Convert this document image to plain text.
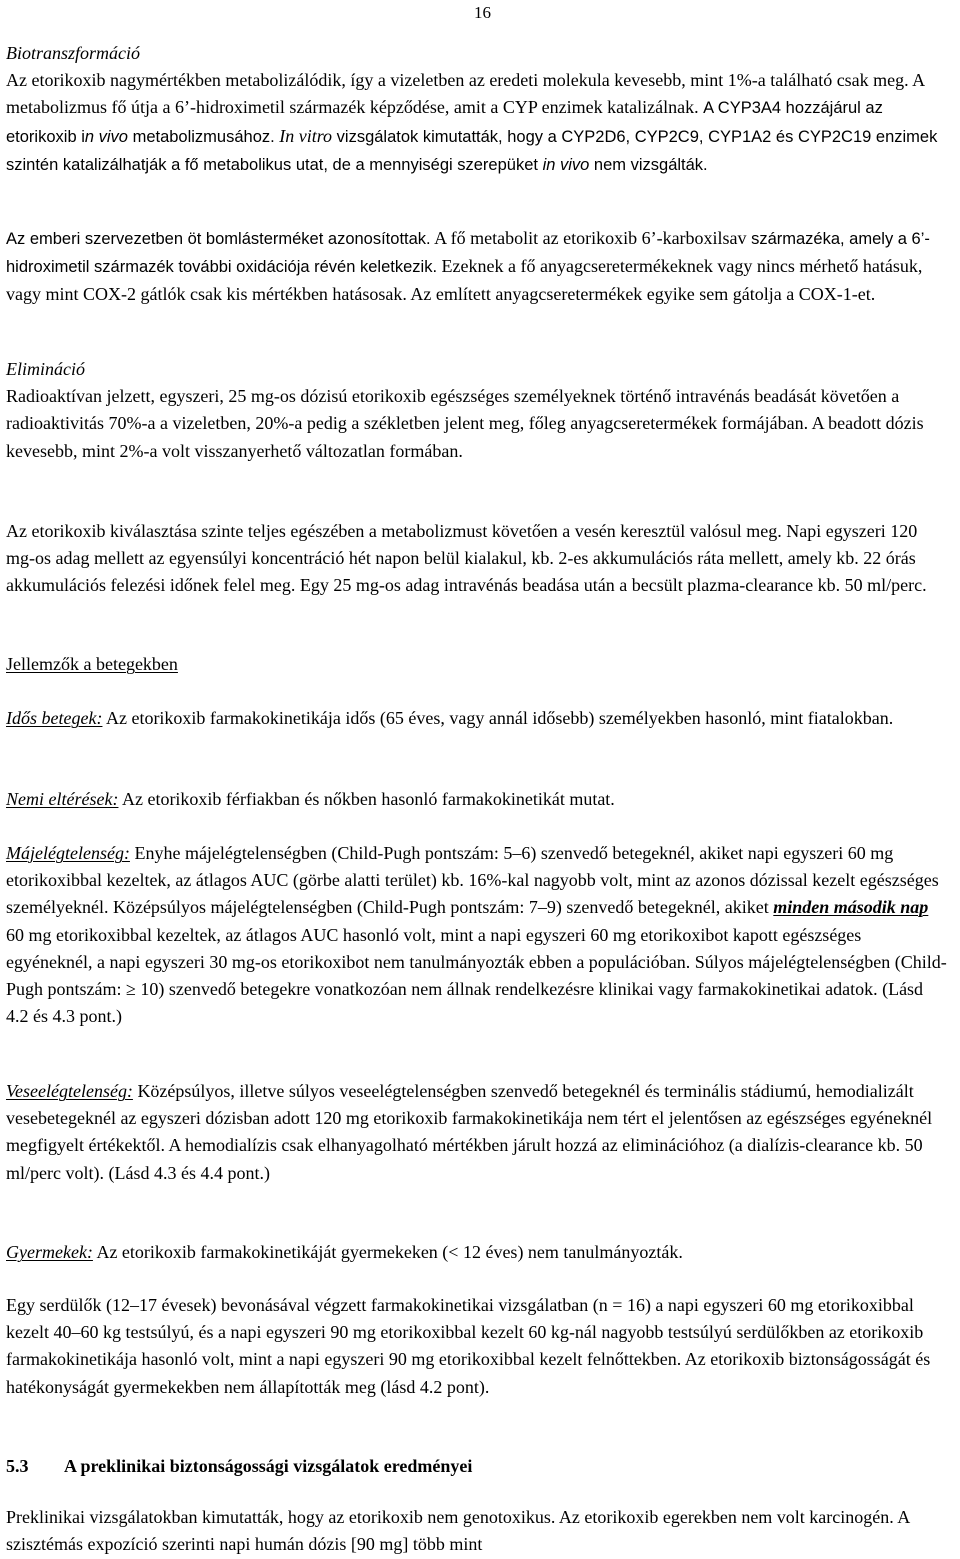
16

Biotranszformáció

Az etorikoxib nagymértékben metabolizálódik, így a vizeletben az eredeti molekula kevesebb, mint 1%-a található csak meg. A metabolizmus fő útja a 6’-hidroximetil származék képződése, amit a CYP enzimek katalizálnak. A CYP3A4 hozzájárul az etorikoxib in vivo metabolizmusához. In vitro vizsgálatok kimutatták, hogy a CYP2D6, CYP2C9, CYP1A2 és CYP2C19 enzimek szintén katalizálhatják a fő metabolikus utat, de a mennyiségi szerepüket in vivo nem vizsgálták.

Az emberi szervezetben öt bomlásterméket azonosítottak. A fő metabolit az etorikoxib 6’-karboxilsav származéka, amely a 6’-hidroximetil származék további oxidációja révén keletkezik. Ezeknek a fő anyagcseretermékeknek vagy nincs mérhető hatásuk, vagy mint COX-2 gátlók csak kis mértékben hatásosak. Az említett anyagcseretermékek egyike sem gátolja a COX-1-et.

Elimináció

Radioaktívan jelzett, egyszeri, 25 mg-os dózisú etorikoxib egészséges személyeknek történő intravénás beadását követően a radioaktivitás 70%-a a vizeletben, 20%-a pedig a székletben jelent meg, főleg anyagcseretermékek formájában. A beadott dózis kevesebb, mint 2%-a volt visszanyerhető változatlan formában.

Az etorikoxib kiválasztása szinte teljes egészében a metabolizmust követően a vesén keresztül valósul meg. Napi egyszeri 120 mg-os adag mellett az egyensúlyi koncentráció hét napon belül kialakul, kb. 2-es akkumulációs ráta mellett, amely kb. 22 órás akkumulációs felezési időnek felel meg. Egy 25 mg-os adag intravénás beadása után a becsült plazma-clearance kb. 50 ml/perc.

Jellemzők a betegekben

Idős betegek: Az etorikoxib farmakokinetikája idős (65 éves, vagy annál idősebb) személyekben hasonló, mint fiatalokban.

Nemi eltérések: Az etorikoxib férfiakban és nőkben hasonló farmakokinetikát mutat.

Májelégtelenség: Enyhe májelégtelenségben (Child-Pugh pontszám: 5–6) szenvedő betegeknél, akiket napi egyszeri 60 mg etorikoxibbal kezeltek, az átlagos AUC (görbe alatti terület) kb. 16%-kal nagyobb volt, mint az azonos dózissal kezelt egészséges személyeknél. Középsúlyos májelégtelenségben (Child-Pugh pontszám: 7–9) szenvedő betegeknél, akiket minden második nap 60 mg etorikoxibbal kezeltek, az átlagos AUC hasonló volt, mint a napi egyszeri 60 mg etorikoxibot kapott egészséges egyéneknél, a napi egyszeri 30 mg-os etorikoxibot nem tanulmányozták ebben a populációban. Súlyos májelégtelenségben (Child-Pugh pontszám: ≥ 10) szenvedő betegekre vonatkozóan nem állnak rendelkezésre klinikai vagy farmakokinetikai adatok. (Lásd 4.2 és 4.3 pont.)

Veseelégtelenség: Középsúlyos, illetve súlyos veseelégtelenségben szenvedő betegeknél és terminális stádiumú, hemodializált vesebetegeknél az egyszeri dózisban adott 120 mg etorikoxib farmakokinetikája nem tért el jelentősen az egészséges egyéneknél megfigyelt értékektől. A hemodialízis csak elhanyagolható mértékben járult hozzá az eliminációhoz (a dialízis-clearance kb. 50 ml/perc volt). (Lásd 4.3 és 4.4 pont.)

Gyermekek: Az etorikoxib farmakokinetikáját gyermekeken (< 12 éves) nem tanulmányozták.

Egy serdülők (12–17 évesek) bevonásával végzett farmakokinetikai vizsgálatban (n = 16) a napi egyszeri 60 mg etorikoxibbal kezelt 40–60 kg testsúlyú, és a napi egyszeri 90 mg etorikoxibbal kezelt 60 kg-nál nagyobb testsúlyú serdülőkben az etorikoxib farmakokinetikája hasonló volt, mint a napi egyszeri 90 mg etorikoxibbal kezelt felnőttekben. Az etorikoxib biztonságosságát és hatékonyságát gyermekekben nem állapították meg (lásd 4.2 pont).

5.3 A preklinikai biztonságossági vizsgálatok eredményei

Preklinikai vizsgálatokban kimutatták, hogy az etorikoxib nem genotoxikus. Az etorikoxib egerekben nem volt karcinogén. A szisztémás expozíció szerinti napi humán dózis [90 mg] több mint
